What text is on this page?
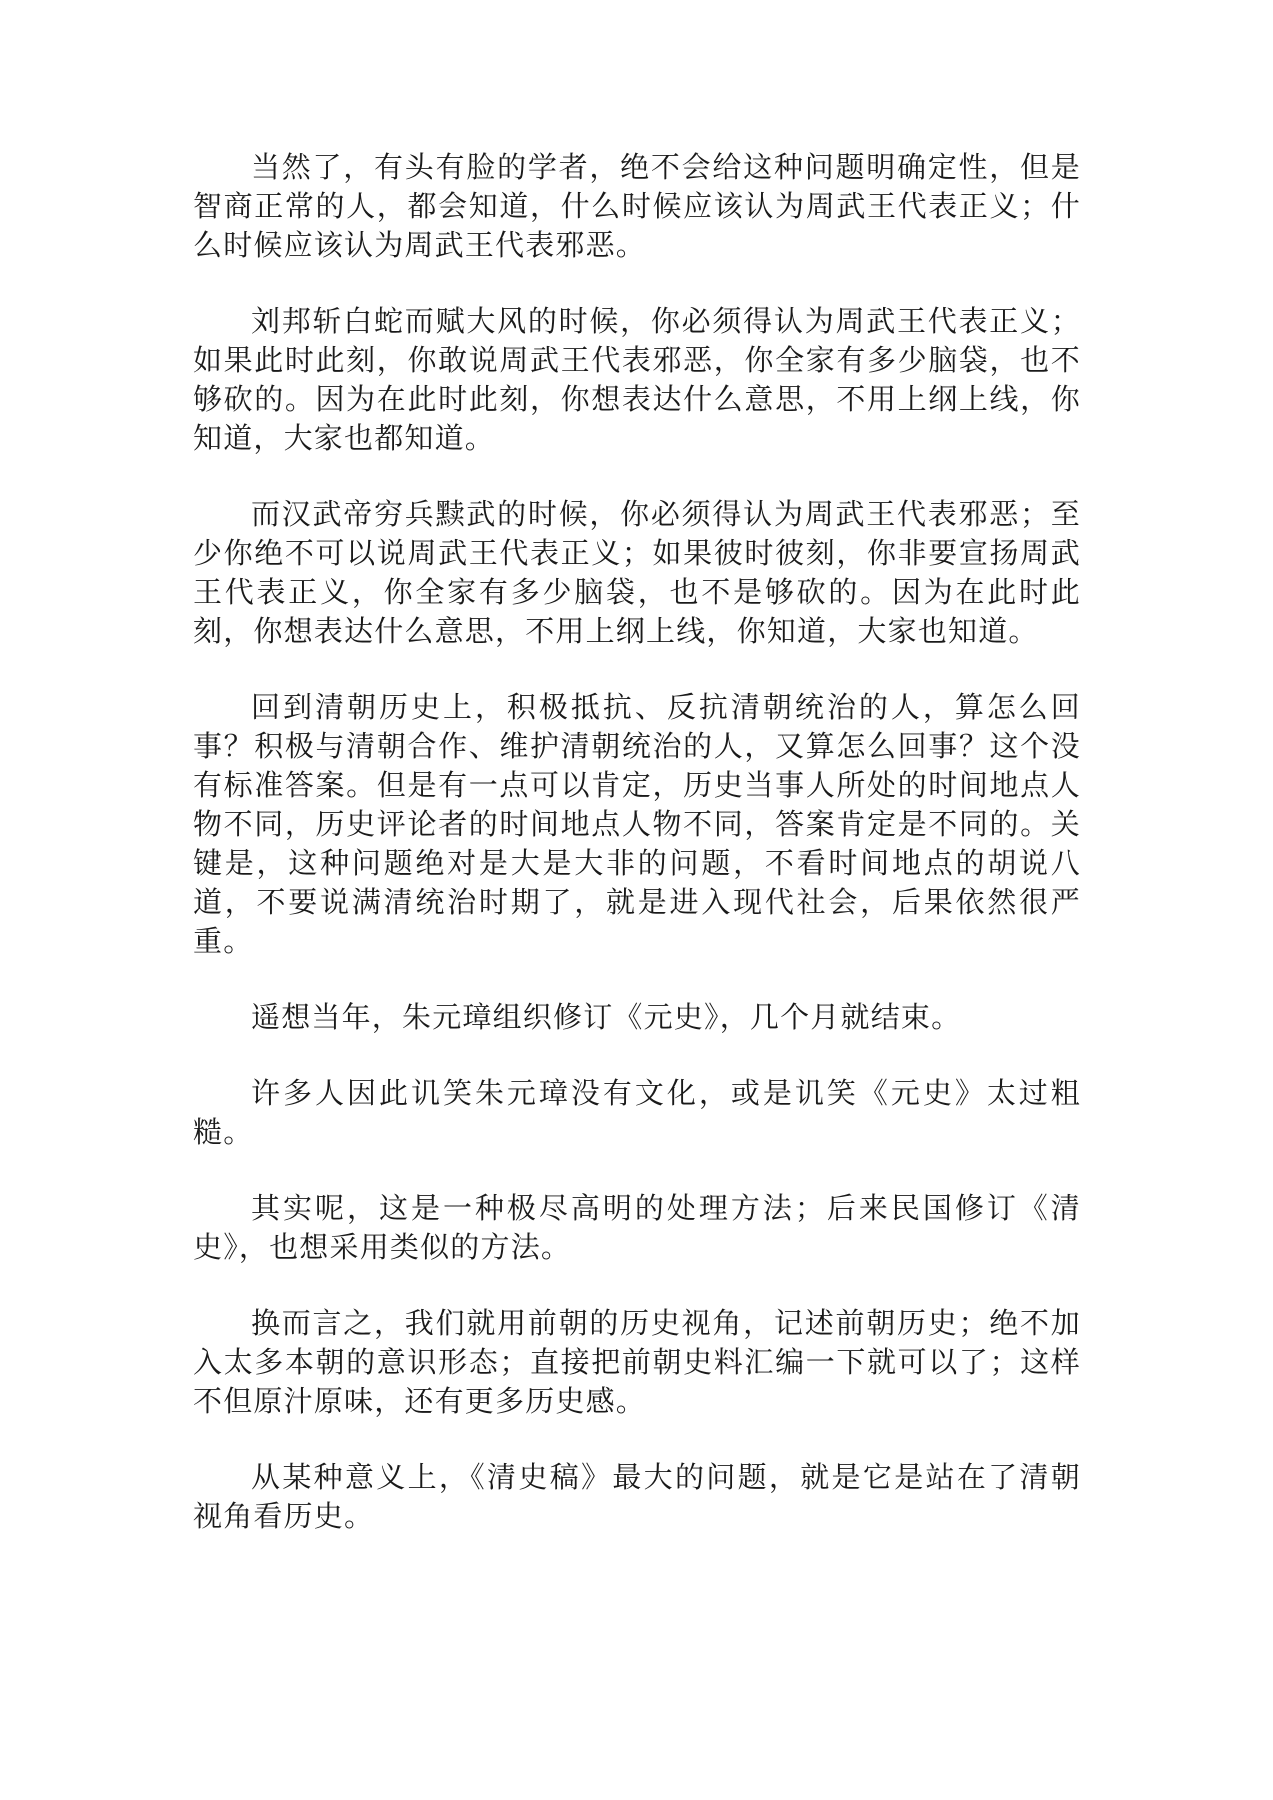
当然了，有头有脸的学者，绝不会给这种问题明确定性，但是智商正常的人，都会知道，什么时候应该认为周武王代表正义；什么时候应该认为周武王代表邪恶。

刘邦斩白蛇而赋大风的时候，你必须得认为周武王代表正义；如果此时此刻，你敢说周武王代表邪恶，你全家有多少脑袋，也不够砍的。因为在此时此刻，你想表达什么意思，不用上纲上线，你知道，大家也都知道。

而汉武帝穷兵黩武的时候，你必须得认为周武王代表邪恶；至少你绝不可以说周武王代表正义；如果彼时彼刻，你非要宣扬周武王代表正义，你全家有多少脑袋，也不是够砍的。因为在此时此刻，你想表达什么意思，不用上纲上线，你知道，大家也知道。

回到清朝历史上，积极抵抗、反抗清朝统治的人，算怎么回事？积极与清朝合作、维护清朝统治的人，又算怎么回事？这个没有标准答案。但是有一点可以肯定，历史当事人所处的时间地点人物不同，历史评论者的时间地点人物不同，答案肯定是不同的。关键是，这种问题绝对是大是大非的问题，不看时间地点的胡说八道，不要说满清统治时期了，就是进入现代社会，后果依然很严重。

遥想当年，朱元璋组织修订《元史》，几个月就结束。

许多人因此讥笑朱元璋没有文化，或是讥笑《元史》太过粗糙。

其实呢，这是一种极尽高明的处理方法；后来民国修订《清史》，也想采用类似的方法。

换而言之，我们就用前朝的历史视角，记述前朝历史；绝不加入太多本朝的意识形态；直接把前朝史料汇编一下就可以了；这样不但原汁原味，还有更多历史感。

从某种意义上，《清史稿》最大的问题，就是它是站在了清朝视角看历史。
